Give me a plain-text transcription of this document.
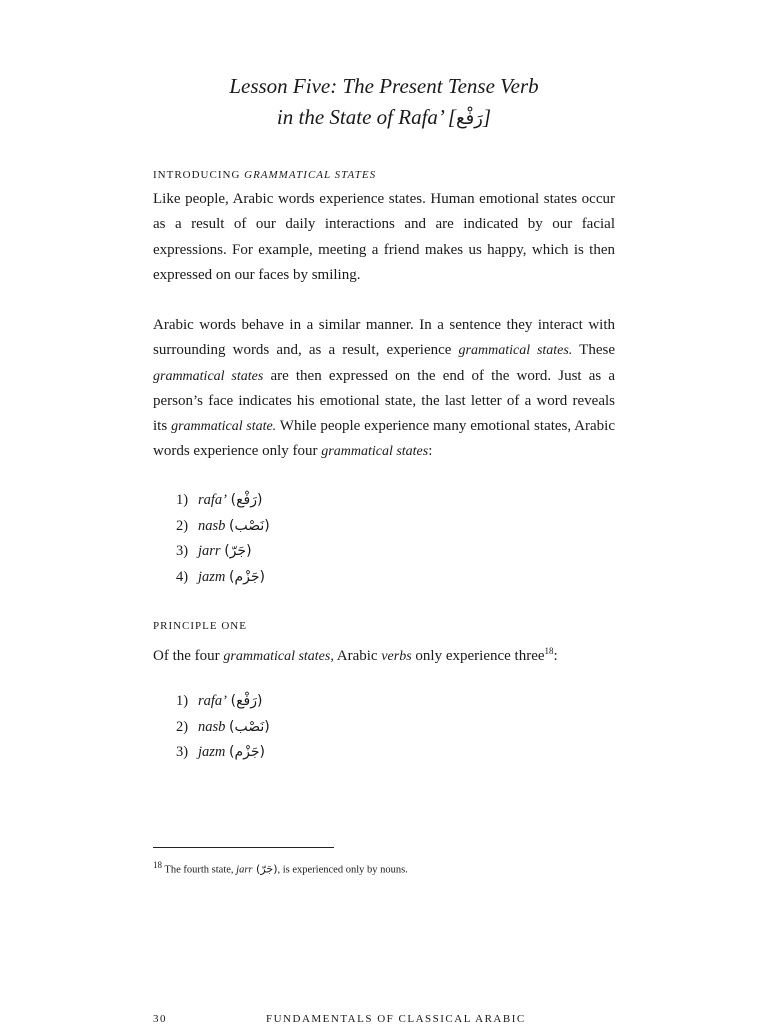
Lesson Five: The Present Tense Verb
in the State of Rafa’ [رَفْع]
INTRODUCING GRAMMATICAL STATES

Like people, Arabic words experience states. Human emotional states occur as a result of our daily interactions and are indicated by our facial expressions. For example, meeting a friend makes us happy, which is then expressed on our faces by smiling.

Arabic words behave in a similar manner. In a sentence they interact with surrounding words and, as a result, experience grammatical states. These grammatical states are then expressed on the end of the word. Just as a person’s face indicates his emotional state, the last letter of a word reveals its grammatical state. While people experience many emotional states, Arabic words experience only four grammatical states:

1) rafa’ (رَفْع)
2) nasb (نَصْب)
3) jarr (جَرّ)
4) jazm (جَزْم)
PRINCIPLE ONE

Of the four grammatical states, Arabic verbs only experience three$^{18}$:

1) rafa’ (رَفْع)
2) nasb (نَصْب)
3) jazm (جَزْم)
$^{18}$ The fourth state, jarr (جَرّ), is experienced only by nouns.
30	FUNDAMENTALS OF CLASSICAL ARABIC
